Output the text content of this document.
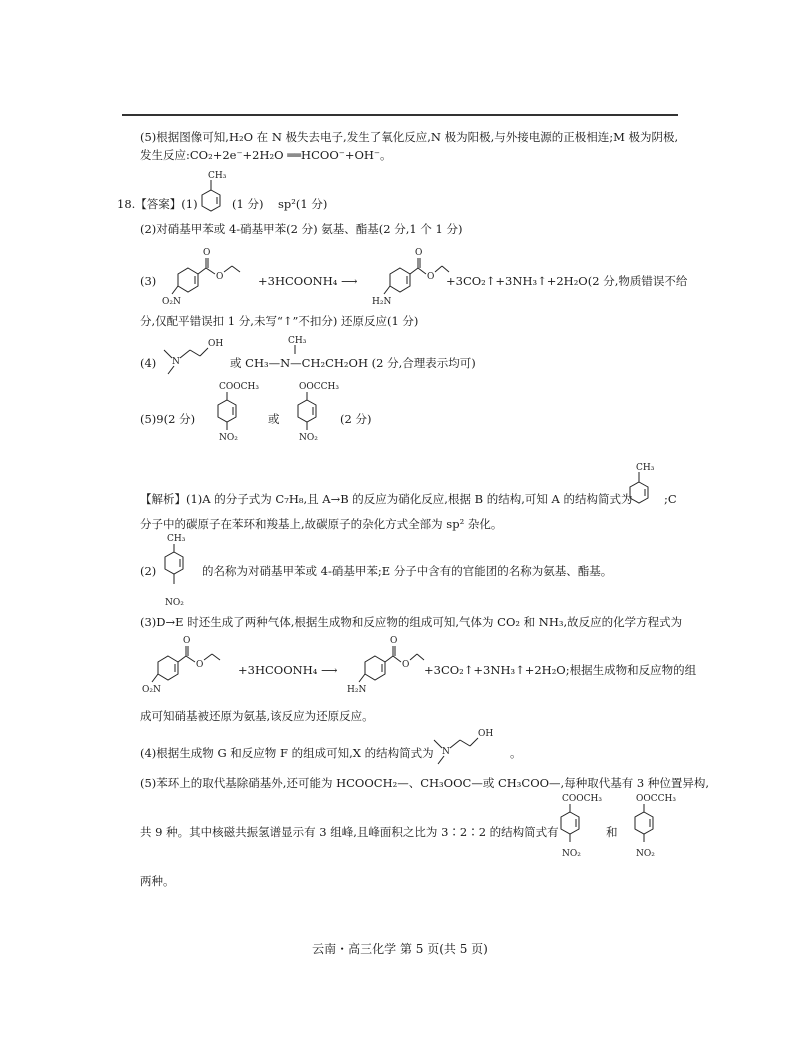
(5)根据图像可知,H₂O 在 N 极失去电子,发生了氧化反应,N 极为阳极,与外接电源的正极相连;M 极为阴极,
发生反应:CO₂+2e⁻+2H₂O ══HCOO⁻+OH⁻。
18.【答案】(1)
CH₃
(1 分) sp²(1 分)
(2)对硝基甲苯或 4-硝基甲苯(2 分) 氨基、酯基(2 分,1 个 1 分)
(3)
O
O
O₂N
+3HCOONH₄ ⟶
O
O
H₂N
+3CO₂↑+3NH₃↑+2H₂O(2 分,物质错误不给
分,仅配平错误扣 1 分,未写“↑”不扣分) 还原反应(1 分)
(4) N
OH	CH₃
或 CH₃—N—CH₂CH₂OH (2 分,合理表示均可)
(5)9(2 分)
COOCH₃
NO₂
或
OOCCH₃
NO₂
(2 分)
【解析】(1)A 的分子式为 C₇H₈,且 A→B 的反应为硝化反应,根据 B 的结构,可知 A 的结构简式为
CH₃
;C
分子中的碳原子在苯环和羧基上,故碳原子的杂化方式全部为 sp² 杂化。
(2)
CH₃
NO₂
的名称为对硝基甲苯或 4-硝基甲苯;E 分子中含有的官能团的名称为氨基、酯基。
(3)D→E 时还生成了两种气体,根据生成物和反应物的组成可知,气体为 CO₂ 和 NH₃,故反应的化学方程式为
O
O
O₂N
+3HCOONH₄ ⟶
O
O
H₂N
+3CO₂↑+3NH₃↑+2H₂O;根据生成物和反应物的组
成可知硝基被还原为氨基,该反应为还原反应。
(4)根据生成物 G 和反应物 F 的组成可知,X 的结构简式为 N
OH
。
(5)苯环上的取代基除硝基外,还可能为 HCOOCH₂—、CH₃OOC—或 CH₃COO—,每种取代基有 3 种位置异构,
共 9 种。其中核磁共振氢谱显示有 3 组峰,且峰面积之比为 3∶2∶2 的结构简式有
COOCH₃
NO₂
和
OOCCH₃
NO₂
两种。
云南・高三化学 第 5 页(共 5 页)
